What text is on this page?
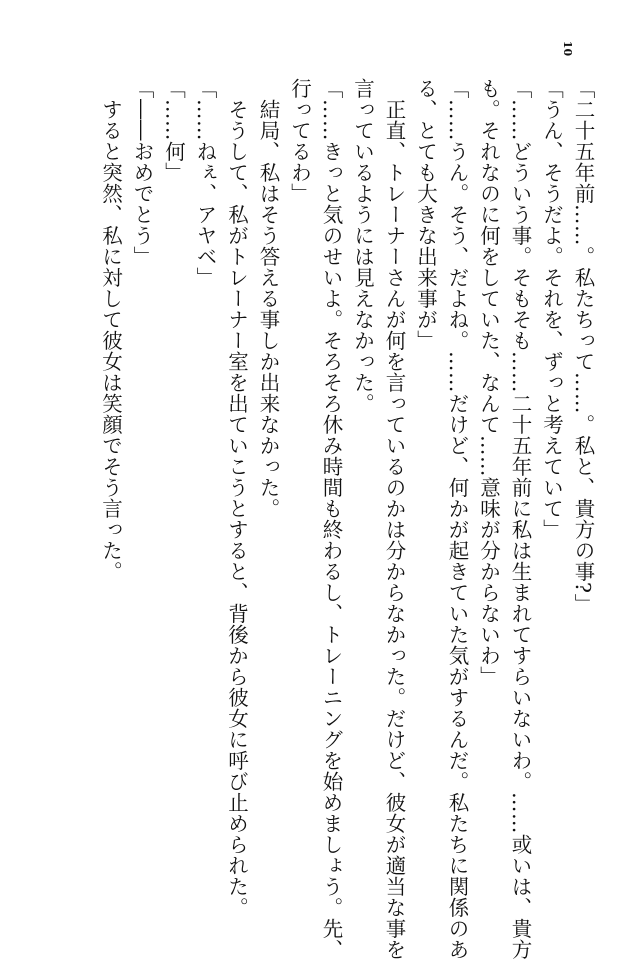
10
「二十五年前……。私たちって……。私と、貴方の事?」
「うん、そうだよ。それを、ずっと考えていて」
「……どういう事。そもそも……二十五年前に私は生まれてすらいないわ。……或いは、貴方
も。それなのに何をしていた、なんて……意味が分からないわ」
「……うん。そう、だよね。……だけど、何かが起きていた気がするんだ。私たちに関係のあ
る、とても大きな出来事が」
　正直、トレーナーさんが何を言っているのかは分からなかった。だけど、彼女が適当な事を
言っているようには見えなかった。
「……きっと気のせいよ。そろそろ休み時間も終わるし、トレーニングを始めましょう。先、
行ってるわ」
　結局、私はそう答える事しか出来なかった。
　そうして、私がトレーナー室を出ていこうとすると、背後から彼女に呼び止められた。
「……ねぇ、アヤベ」
「……何」
「――おめでとう」
　すると突然、私に対して彼女は笑顔でそう言った。
